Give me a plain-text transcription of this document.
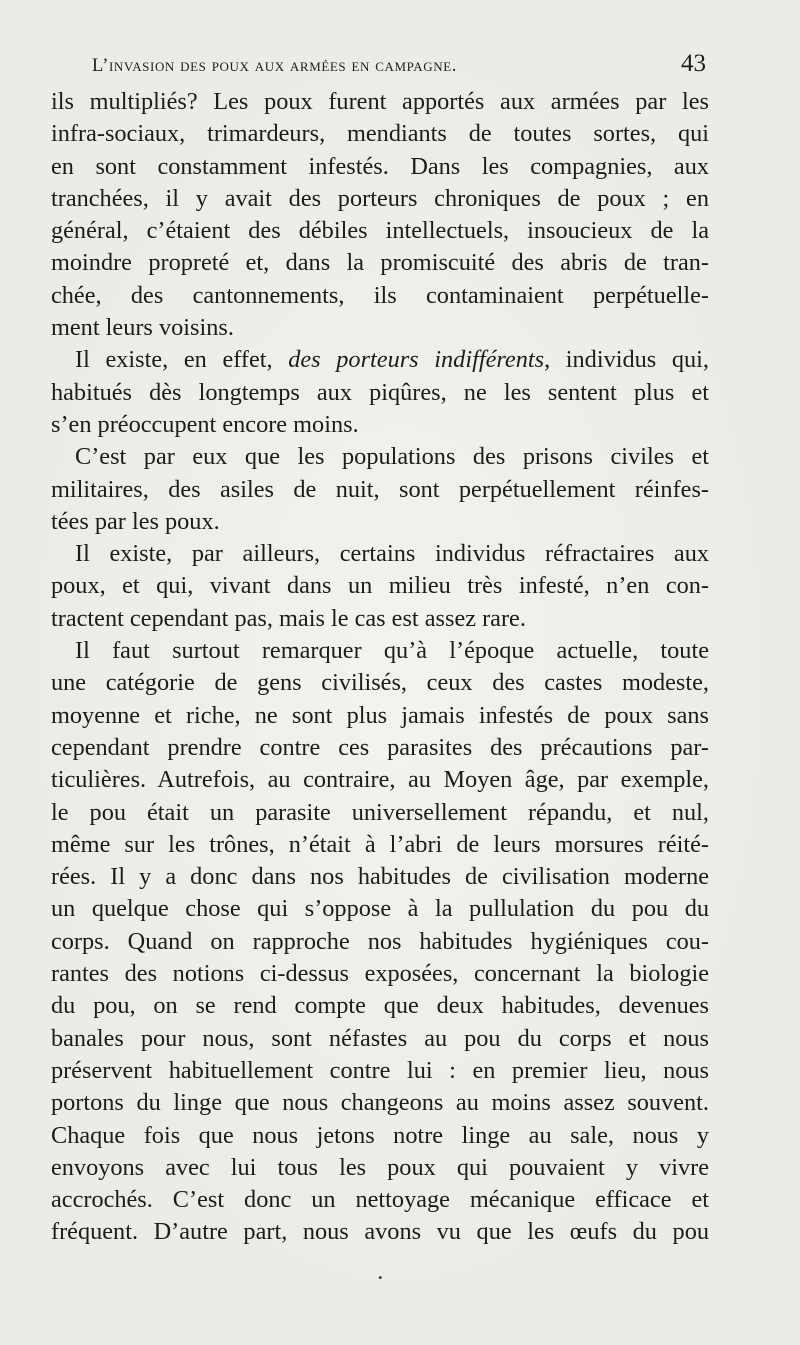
L’invasion des poux aux armées en campagne.	43
ils multipliés? Les poux furent apportés aux armées par les
infra-sociaux, trimardeurs, mendiants de toutes sortes, qui
en sont constamment infestés. Dans les compagnies, aux
tranchées, il y avait des porteurs chroniques de poux ; en
général, c’étaient des débiles intellectuels, insoucieux de la
moindre propreté et, dans la promiscuité des abris de tran-
chée, des cantonnements, ils contaminaient perpétuelle-
ment leurs voisins.
Il existe, en effet, des porteurs indifférents, individus qui,
habitués dès longtemps aux piqûres, ne les sentent plus et
s’en préoccupent encore moins.
C’est par eux que les populations des prisons civiles et
militaires, des asiles de nuit, sont perpétuellement réinfes-
tées par les poux.
Il existe, par ailleurs, certains individus réfractaires aux
poux, et qui, vivant dans un milieu très infesté, n’en con-
tractent cependant pas, mais le cas est assez rare.
Il faut surtout remarquer qu’à l’époque actuelle, toute
une catégorie de gens civilisés, ceux des castes modeste,
moyenne et riche, ne sont plus jamais infestés de poux sans
cependant prendre contre ces parasites des précautions par-
ticulières. Autrefois, au contraire, au Moyen âge, par exemple,
le pou était un parasite universellement répandu, et nul,
même sur les trônes, n’était à l’abri de leurs morsures réité-
rées. Il y a donc dans nos habitudes de civilisation moderne
un quelque chose qui s’oppose à la pullulation du pou du
corps. Quand on rapproche nos habitudes hygiéniques cou-
rantes des notions ci-dessus exposées, concernant la biologie
du pou, on se rend compte que deux habitudes, devenues
banales pour nous, sont néfastes au pou du corps et nous
préservent habituellement contre lui : en premier lieu, nous
portons du linge que nous changeons au moins assez souvent.
Chaque fois que nous jetons notre linge au sale, nous y
envoyons avec lui tous les poux qui pouvaient y vivre
accrochés. C’est donc un nettoyage mécanique efficace et
fréquent. D’autre part, nous avons vu que les œufs du pou
•
